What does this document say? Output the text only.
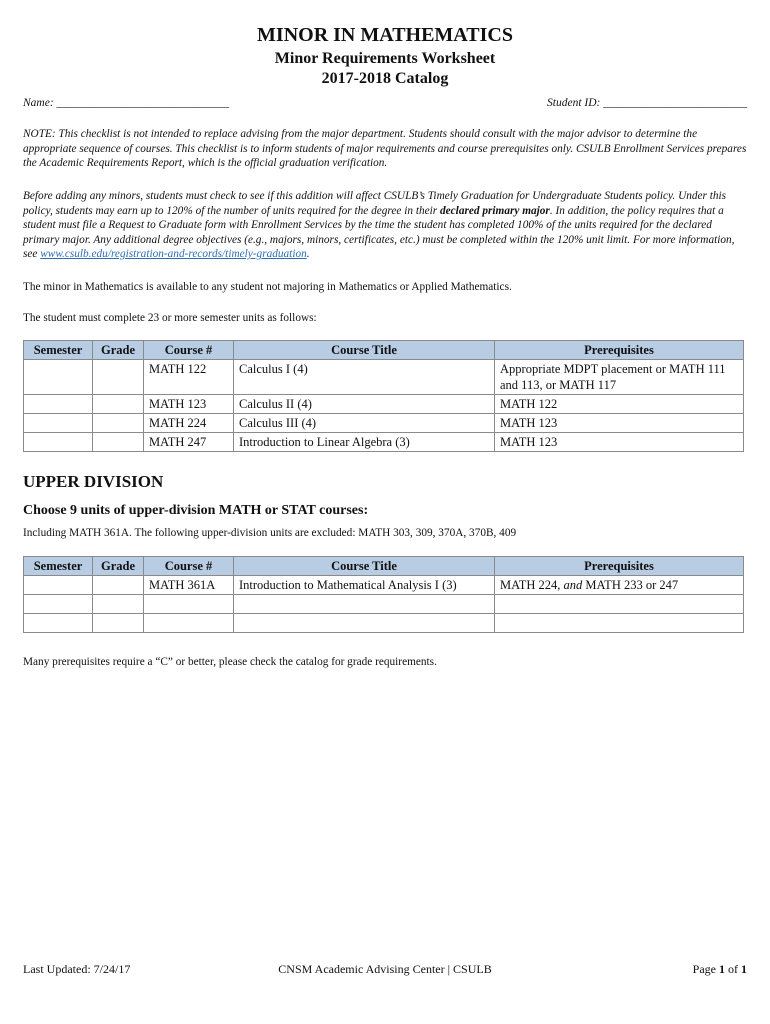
MINOR IN MATHEMATICS
Minor Requirements Worksheet
2017-2018 Catalog
Name: ______________________________	Student ID: _________________________
NOTE: This checklist is not intended to replace advising from the major department. Students should consult with the major advisor to determine the appropriate sequence of courses. This checklist is to inform students of major requirements and course prerequisites only. CSULB Enrollment Services prepares the Academic Requirements Report, which is the official graduation verification.
Before adding any minors, students must check to see if this addition will affect CSULB’s Timely Graduation for Undergraduate Students policy. Under this policy, students may earn up to 120% of the number of units required for the degree in their declared primary major. In addition, the policy requires that a student must file a Request to Graduate form with Enrollment Services by the time the student has completed 100% of the units required for the declared primary major. Any additional degree objectives (e.g., majors, minors, certificates, etc.) must be completed within the 120% unit limit. For more information, see www.csulb.edu/registration-and-records/timely-graduation.
The minor in Mathematics is available to any student not majoring in Mathematics or Applied Mathematics.
The student must complete 23 or more semester units as follows:
Semester	Grade	Course #	Course Title	Prerequisites
		MATH 122	Calculus I (4)	Appropriate MDPT placement or MATH 111 and 113, or MATH 117
		MATH 123	Calculus II (4)	MATH 122
		MATH 224	Calculus III (4)	MATH 123
		MATH 247	Introduction to Linear Algebra (3)	MATH 123
UPPER DIVISION
Choose 9 units of upper-division MATH or STAT courses:
Including MATH 361A. The following upper-division units are excluded: MATH 303, 309, 370A, 370B, 409
Semester	Grade	Course #	Course Title	Prerequisites
		MATH 361A	Introduction to Mathematical Analysis I (3)	MATH 224, and MATH 233 or 247

Many prerequisites require a “C” or better, please check the catalog for grade requirements.
Last Updated: 7/24/17	CNSM Academic Advising Center | CSULB	Page 1 of 1
